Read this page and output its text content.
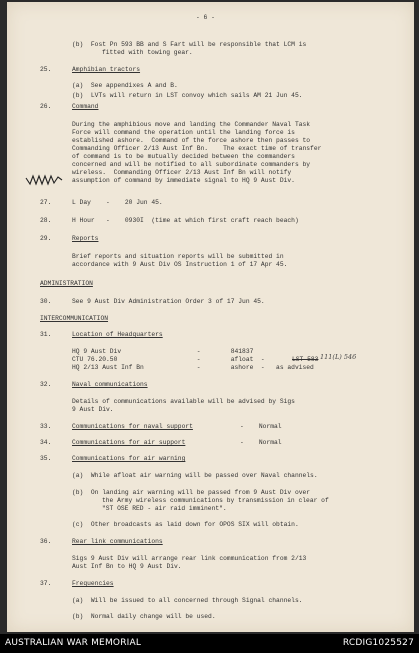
- 6 -
(b)  Fost Pn 593 BB and S Fart will be responsible that LCM is
fitted with towing gear.
25.	Amphibian tractors
(a)  See appendixes A and B.
(b)  LVTs will return in LST convoy which sails AM 21 Jun 45.
26.	Command
During the amphibious move and landing the Commander Naval Task
Force will command the operation until the landing force is
established ashore.  Command of the force ashore then passes to
Commanding Officer 2/13 Aust Inf Bn.    The exact time of transfer
of command is to be mutually decided between the commanders
concerned and will be notified to all subordinate commanders by
wireless.  Commanding Officer 2/13 Aust Inf Bn will notify
assumption of command by immediate signal to HQ 9 Aust Div.
27.	L Day    -    20 Jun 45.
28.	H Hour   -    0930I  (time at which first craft reach beach)
29.	Reports
Brief reports and situation reports will be submitted in
accordance with 9 Aust Div OS Instruction 1 of 17 Apr 45.
ADMINISTRATION
30.	See 9 Aust Div Administration Order 3 of 17 Jun 45.
INTERCOMMUNICATION
31.	Location of Headquarters
HQ 9 Aust Div                    -        841837
CTU 76.20.50                     -        afloat  -
HQ 2/13 Aust Inf Bn              -        ashore  -   as advised
LST 583 111(L) 546
32.	Naval communications
Details of communications available will be advised by Sigs
9 Aust Div.
33.	Communications for naval support	-    Normal
34.	Communications for air support	-    Normal
35.	Communications for air warning
(a)  While afloat air warning will be passed over Naval channels.
(b)  On landing air warning will be passed from 9 Aust Div over
the Army wireless communications by transmission in clear of
"ST OSE RED - air raid imminent".
(c)  Other broadcasts as laid down for OPOS SIX will obtain.
36.	Rear link communications
Sigs 9 Aust Div will arrange rear link communication from 2/13
Aust Inf Bn to HQ 9 Aust Div.
37.	Frequencies
(a)  Will be issued to all concerned through Signal channels.
(b)  Normal daily change will be used.
AUSTRALIAN WAR MEMORIAL	RCDIG1025527
